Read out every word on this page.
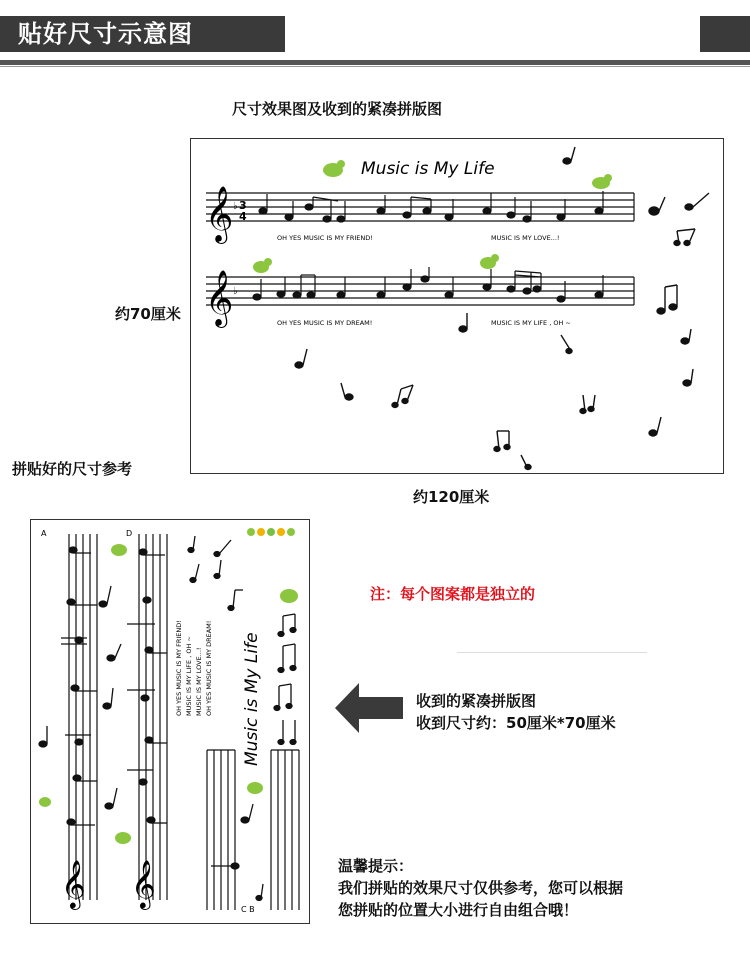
贴好尺寸示意图
尺寸效果图及收到的紧凑拼版图
约70厘米
拼贴好的尺寸参考
约120厘米
Music is My Life
𝄞 ♭ 3
4
OH YES MUSIC IS MY FRIEND!	MUSIC IS MY LOVE...!
𝄞 ♭
OH YES MUSIC IS MY DREAM!	MUSIC IS MY LIFE , OH ~
A	D
C B
𝄞 𝄞
OH YES MUSIC IS MY FRIEND! MUSIC IS MY LIFE , OH ~ MUSIC IS MY LOVE...! OH YES MUSIC IS MY DREAM! Music is My Life
注：每个图案都是独立的
收到的紧凑拼版图
收到尺寸约：50厘米*70厘米
温馨提示：
我们拼贴的效果尺寸仅供参考，您可以根据
您拼贴的位置大小进行自由组合哦！
